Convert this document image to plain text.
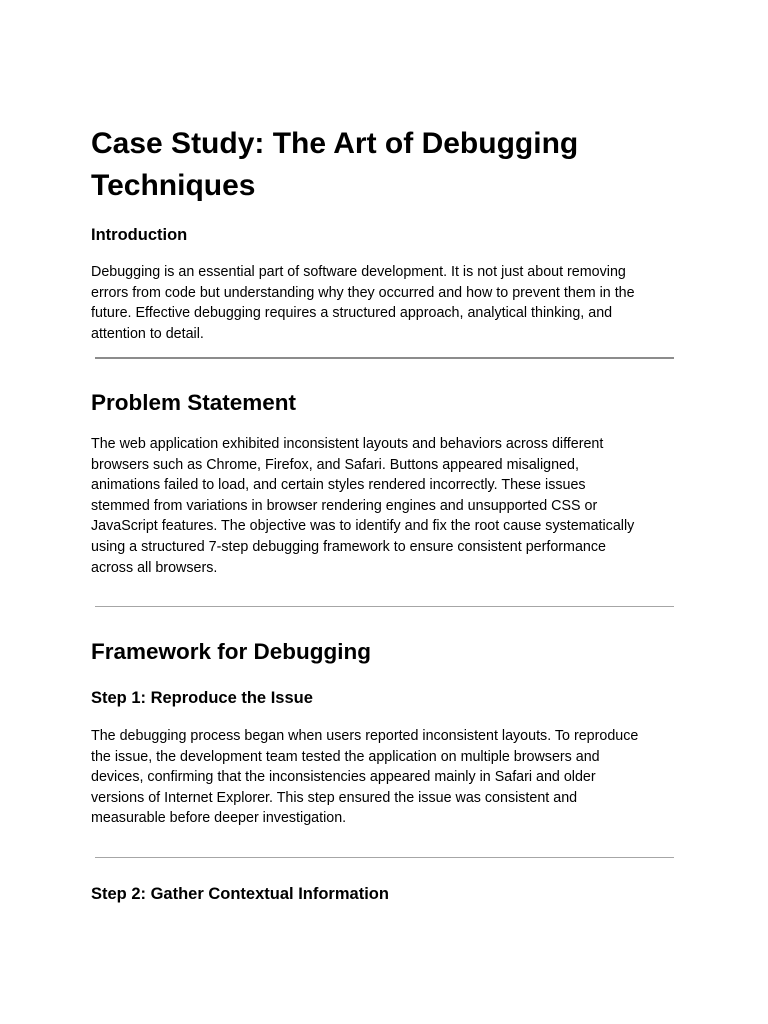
Case Study: The Art of Debugging
Techniques
Introduction

Debugging is an essential part of software development. It is not just about removing
errors from code but understanding why they occurred and how to prevent them in the
future. Effective debugging requires a structured approach, analytical thinking, and
attention to detail.

Problem Statement

The web application exhibited inconsistent layouts and behaviors across different
browsers such as Chrome, Firefox, and Safari. Buttons appeared misaligned,
animations failed to load, and certain styles rendered incorrectly. These issues
stemmed from variations in browser rendering engines and unsupported CSS or
JavaScript features. The objective was to identify and fix the root cause systematically
using a structured 7-step debugging framework to ensure consistent performance
across all browsers.

Framework for Debugging
Step 1: Reproduce the Issue

The debugging process began when users reported inconsistent layouts. To reproduce
the issue, the development team tested the application on multiple browsers and
devices, confirming that the inconsistencies appeared mainly in Safari and older
versions of Internet Explorer. This step ensured the issue was consistent and
measurable before deeper investigation.

Step 2: Gather Contextual Information
